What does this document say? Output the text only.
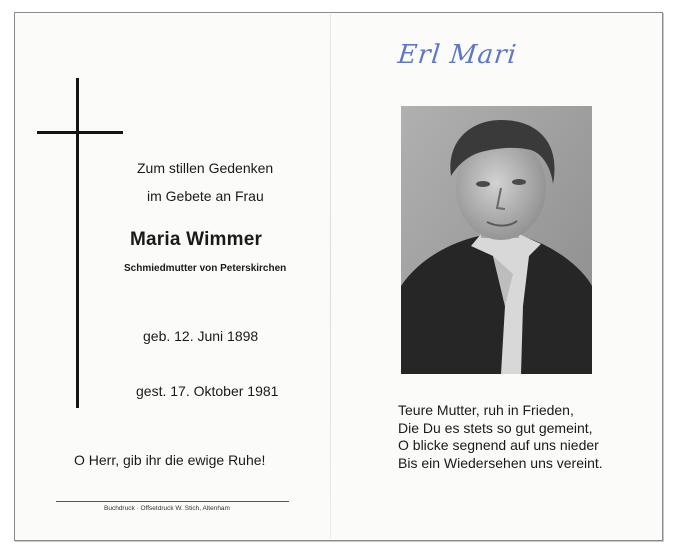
Zum stillen Gedenken
im Gebete an Frau
Maria Wimmer
Schmiedmutter von Peterskirchen
geb. 12. Juni 1898
gest. 17. Oktober 1981
O Herr, gib ihr die ewige Ruhe!
Buchdruck · Offsetdruck W. Stich, Altenham
Erl Mari
Teure Mutter, ruh in Frieden,
Die Du es stets so gut gemeint,
O blicke segnend auf uns nieder
Bis ein Wiedersehen uns vereint.
